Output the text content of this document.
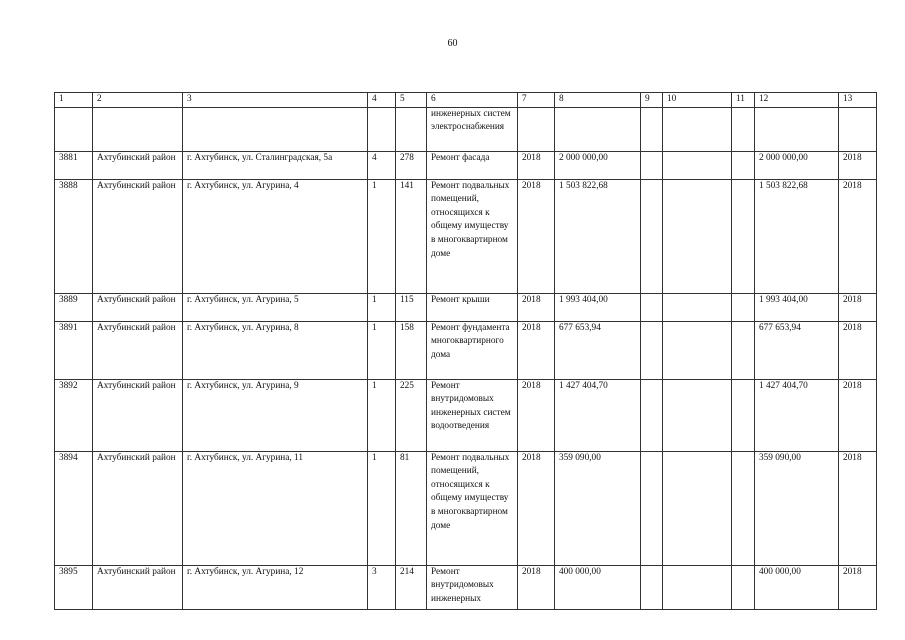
60
1	2	3	4	5	6	7	8	9	10	11	12	13
					инженерных систем электроснабжения							
3881	Ахтубинский район	г. Ахтубинск, ул. Сталинградская, 5а	4	278	Ремонт фасада	2018	2 000 000,00				2 000 000,00	2018
3888	Ахтубинский район	г. Ахтубинск, ул. Агурина, 4	1	141	Ремонт подвальных помещений, относящихся к общему имуществу в многоквартирном доме	2018	1 503 822,68				1 503 822,68	2018
3889	Ахтубинский район	г. Ахтубинск, ул. Агурина, 5	1	115	Ремонт крыши	2018	1 993 404,00				1 993 404,00	2018
3891	Ахтубинский район	г. Ахтубинск, ул. Агурина, 8	1	158	Ремонт фундамента многоквартирного дома	2018	677 653,94				677 653,94	2018
3892	Ахтубинский район	г. Ахтубинск, ул. Агурина, 9	1	225	Ремонт внутридомовых инженерных систем водоотведения	2018	1 427 404,70				1 427 404,70	2018
3894	Ахтубинский район	г. Ахтубинск, ул. Агурина, 11	1	81	Ремонт подвальных помещений, относящихся к общему имуществу в многоквартирном доме	2018	359 090,00				359 090,00	2018
3895	Ахтубинский район	г. Ахтубинск, ул. Агурина, 12	3	214	Ремонт внутридомовых инженерных	2018	400 000,00				400 000,00	2018
